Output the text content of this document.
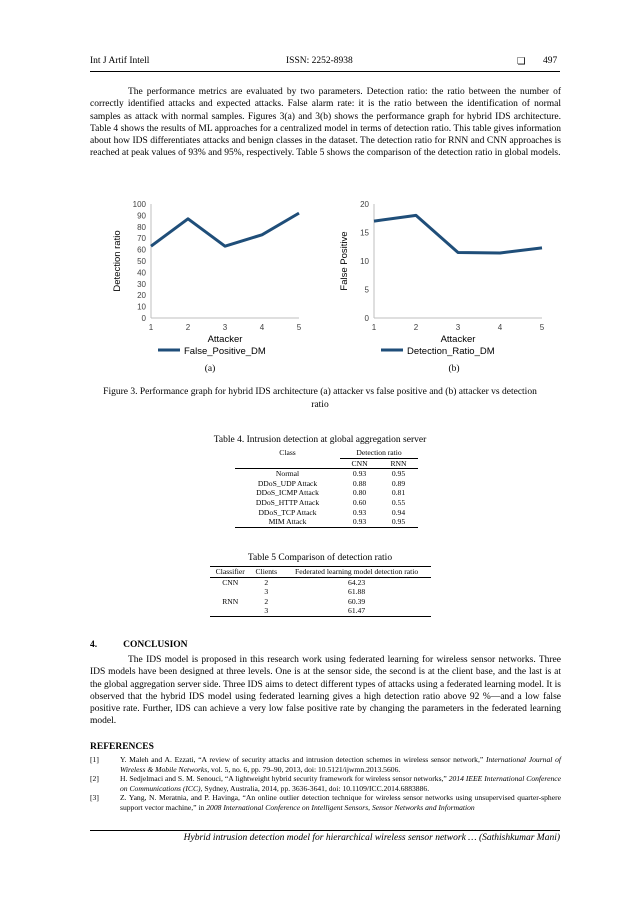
Int J Artif Intell	ISSN: 2252-8938	❏ 497
The performance metrics are evaluated by two parameters. Detection ratio: the ratio between the number of correctly identified attacks and expected attacks. False alarm rate: it is the ratio between the identification of normal samples as attack with normal samples. Figures 3(a) and 3(b) shows the performance graph for hybrid IDS architecture. Table 4 shows the results of ML approaches for a centralized model in terms of detection ratio. This table gives information about how IDS differentiates attacks and benign classes in the dataset. The detection ratio for RNN and CNN approaches is reached at peak values of 93% and 95%, respectively. Table 5 shows the comparison of the detection ratio in global models.
0
10
20
30
40
50
60
70
80
90
100
1	2	3	4	5
Detection ratio
Attacker
False_Positive_DM
0
5
10
15
20
1	2	3	4	5
False Positive
Attacker
Detection_Ratio_DM
(a)	(b)
Figure 3. Performance graph for hybrid IDS architecture (a) attacker vs false positive and (b) attacker vs detection ratio
Table 4. Intrusion detection at global aggregation server
Class	Detection ratio	
	CNN	RNN
Normal	0.93	0.95
DDoS_UDP Attack	0.88	0.89
DDoS_ICMP Attack	0.80	0.81
DDoS_HTTP Attack	0.60	0.55
DDoS_TCP Attack	0.93	0.94
MIM Attack	0.93	0.95
Table 5 Comparison of detection ratio
Classifier	Clients	Federated learning model detection ratio
CNN	2	64.23
	3	61.88
RNN	2	60.39
	3	61.47
4.	CONCLUSION
The IDS model is proposed in this research work using federated learning for wireless sensor networks. Three IDS models have been designed at three levels. One is at the sensor side, the second is at the client base, and the last is at the global aggregation server side. Three IDS aims to detect different types of attacks using a federated learning model. It is observed that the hybrid IDS model using federated learning gives a high detection ratio above 92 %—and a low false positive rate. Further, IDS can achieve a very low false positive rate by changing the parameters in the federated learning model.
REFERENCES
[1]	Y. Maleh and A. Ezzati, “A review of security attacks and intrusion detection schemes in wireless sensor network,” International Journal of Wireless & Mobile Networks, vol. 5, no. 6, pp. 79–90, 2013, doi: 10.5121/ijwmn.2013.5606.
[2]	H. Sedjelmaci and S. M. Senouci, “A lightweight hybrid security framework for wireless sensor networks,” 2014 IEEE International Conference on Communications (ICC), Sydney, Australia, 2014, pp. 3636-3641, doi: 10.1109/ICC.2014.6883886.
[3]	Z. Yang, N. Meratnia, and P. Havinga, “An online outlier detection technique for wireless sensor networks using unsupervised quarter-sphere support vector machine,” in 2008 International Conference on Intelligent Sensors, Sensor Networks and Information
Hybrid intrusion detection model for hierarchical wireless sensor network … (Sathishkumar Mani)
